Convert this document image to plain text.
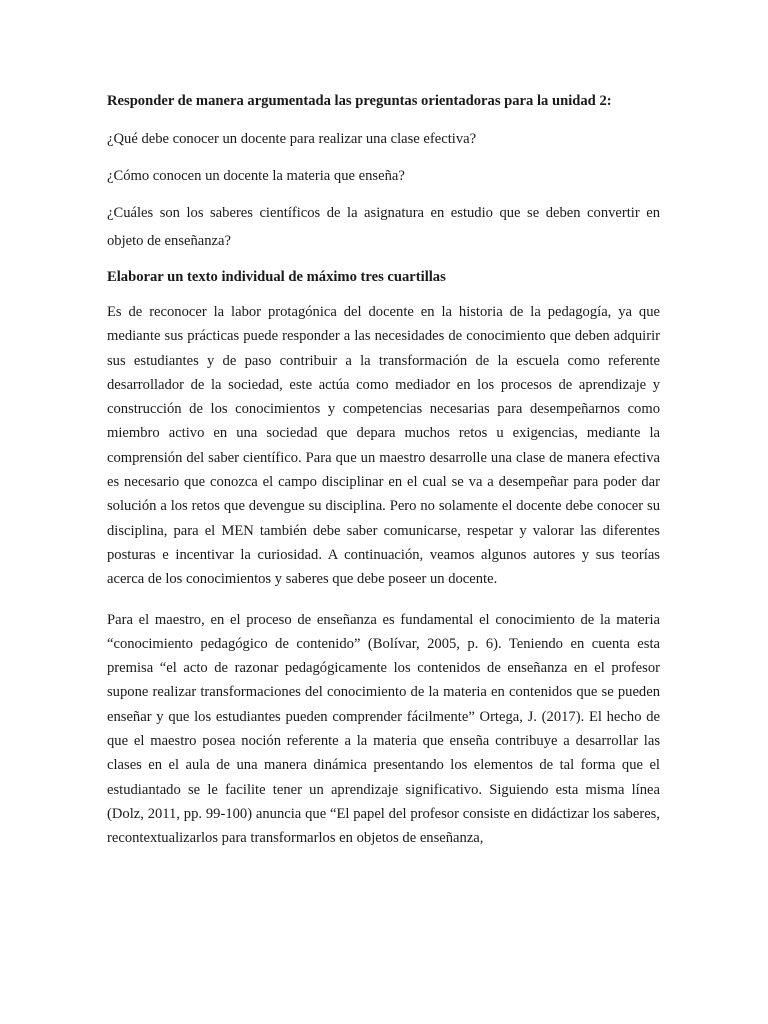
Responder de manera argumentada las preguntas orientadoras para la unidad 2:
¿Qué debe conocer un docente para realizar una clase efectiva?
¿Cómo conocen un docente la materia que enseña?
¿Cuáles son los saberes científicos de la asignatura en estudio que se deben convertir en objeto de enseñanza?
Elaborar un texto individual de máximo tres cuartillas

Es de reconocer la labor protagónica del docente en la historia de la pedagogía, ya que mediante sus prácticas puede responder a las necesidades de conocimiento que deben adquirir sus estudiantes y de paso contribuir a la transformación de la escuela como referente desarrollador de la sociedad, este actúa como mediador en los procesos de aprendizaje y construcción de los conocimientos y competencias necesarias para desempeñarnos como miembro activo en una sociedad que depara muchos retos u exigencias, mediante la comprensión del saber científico. Para que un maestro desarrolle una clase de manera efectiva es necesario que conozca el campo disciplinar en el cual se va a desempeñar para poder dar solución a los retos que devengue su disciplina. Pero no solamente el docente debe conocer su disciplina, para el MEN también debe saber comunicarse, respetar y valorar las diferentes posturas e incentivar la curiosidad. A continuación, veamos algunos autores y sus teorías acerca de los conocimientos y saberes que debe poseer un docente.

Para el maestro, en el proceso de enseñanza es fundamental el conocimiento de la materia “conocimiento pedagógico de contenido” (Bolívar, 2005, p. 6). Teniendo en cuenta esta premisa “el acto de razonar pedagógicamente los contenidos de enseñanza en el profesor supone realizar transformaciones del conocimiento de la materia en contenidos que se pueden enseñar y que los estudiantes pueden comprender fácilmente” Ortega, J. (2017). El hecho de que el maestro posea noción referente a la materia que enseña contribuye a desarrollar las clases en el aula de una manera dinámica presentando los elementos de tal forma que el estudiantado se le facilite tener un aprendizaje significativo. Siguiendo esta misma línea (Dolz, 2011, pp. 99-100) anuncia que “El papel del profesor consiste en didáctizar los saberes, recontextualizarlos para transformarlos en objetos de enseñanza,
